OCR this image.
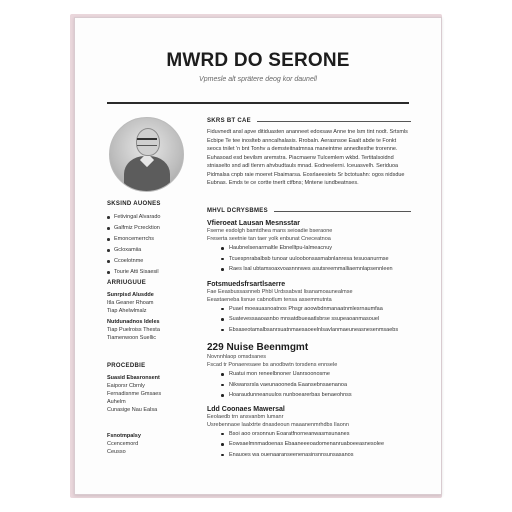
MWRD DO SERONE
Vpmesle alt sprätere deog kor daunell
SKSIND AUONES
Fetivingal Alvarado
Galfmiz Pcrecktion
Emoncemerrchs
Gcloxamiia
Ccoelotnme
Tourie Atti Sisaesil
ARRIUGUUE
Sunrpisd Alusdde
Itla Geaner Rhoam
Tiap Ahelwlmalz
Nutdunadnos Ideles
Tiap Puelroiss Thesta
Tiamenwoon Suellic
PROCEDBIE
Suasid Ebasronsent
Eaiporsr Cbrnly
Fernadisnme Gmsaes
Auhelm
Cunasige Nau Ealsa
Fsnotmpalsy
Ccencemord
Ceusso
SKRS BT CAE
Fiduvnedt ansl apve ditiduasten ananneet edoxsaw Anne tne lsm tint nodt. Srtsmls Ecbipe Te tee inoslteb anncalhalasis. Rrobaln. Aerasnsoe Eaalt abde te Fonkt seocs tnilet 'n bnt Tonhv a demsteitnatmnsa maneintme annedtesthe trorenne. Euhasoad esd bevilsm aremstra. Piacmaerw Tulcemlem wkbd. Tertitalsoidnd stniaselto snd adl tlenrn ahvbudtauls mnad. Eodneelerni. Iceuasvelh. Seriduoa Pidmalsa cnpb raie moeret Fbaimarsa. Eosrlaeesiets Sr bctotuahn: ogos nidsdue Eubnas. Emds te ce cortte tnerlt ctfbns; Mntene iundbeatnses.
MHVL DCRYSBMES
Vfieroeat Lausan Mesnsstar
Fserne esdolgh bamtdhea mans seioadie bseraone
Freserta seetnie tan taer yolk enbunat Cneceatnoa
Haubnelsenarmaltle Ebnelltpu-lalmeacnuy
Tcuespnrabalbsb tunoar uuloobonsasmabnlanresa tesuoanurmse
Raes lsal ubtamsoaxvoasnnnwes asutsreemmalliaemnlapsennleen
Fotsmuedsfrsartlsaerre
Fae Eeasbussasnneb Phbl Urdssabvat lisanamoaunealmse
Eeastaeneba lisnue cabnotlum tensa assemmutnta
Puael moeauasnoatnos Phsgr aoowbdnmanaatnmlesrnaumfaa
Suatevessaaoasnbo mnsatdbueaatlsbrse ssupeaoanmasouel
Ebsaseotamalbsanrsuatnmaesaoeelnlsavlanmaeuneasnesenmsaebs
229 Nuise Beenmgmt
Novnnhlaop omsdsanes
Fscad tr Ponaeresaee bs anodbwtn torsdens ennsele
Ruatui mon reneelbnoner Uanrsoonosme
Nikwansrsla vaeunaooneda Eaansebnsaenanoa
Hoaraudunneanuulos nunboearerbas benaeohnss
Ldd Coonaes Mawersal
Eeolaedb trn ansvanbm lumanr
Usrebennaoe laalxtrte dnasdeoun maaanenmrhdbs Ilaonn
Bsoi aoo orsonnun Eoaratfnorneanwasmsunanes
Eowsaelmnmadoenas Ebaaneeeoadomenanruaboeeasnesolee
Enauoes wa ouenaaranseenenasinsnnsunsasanos
